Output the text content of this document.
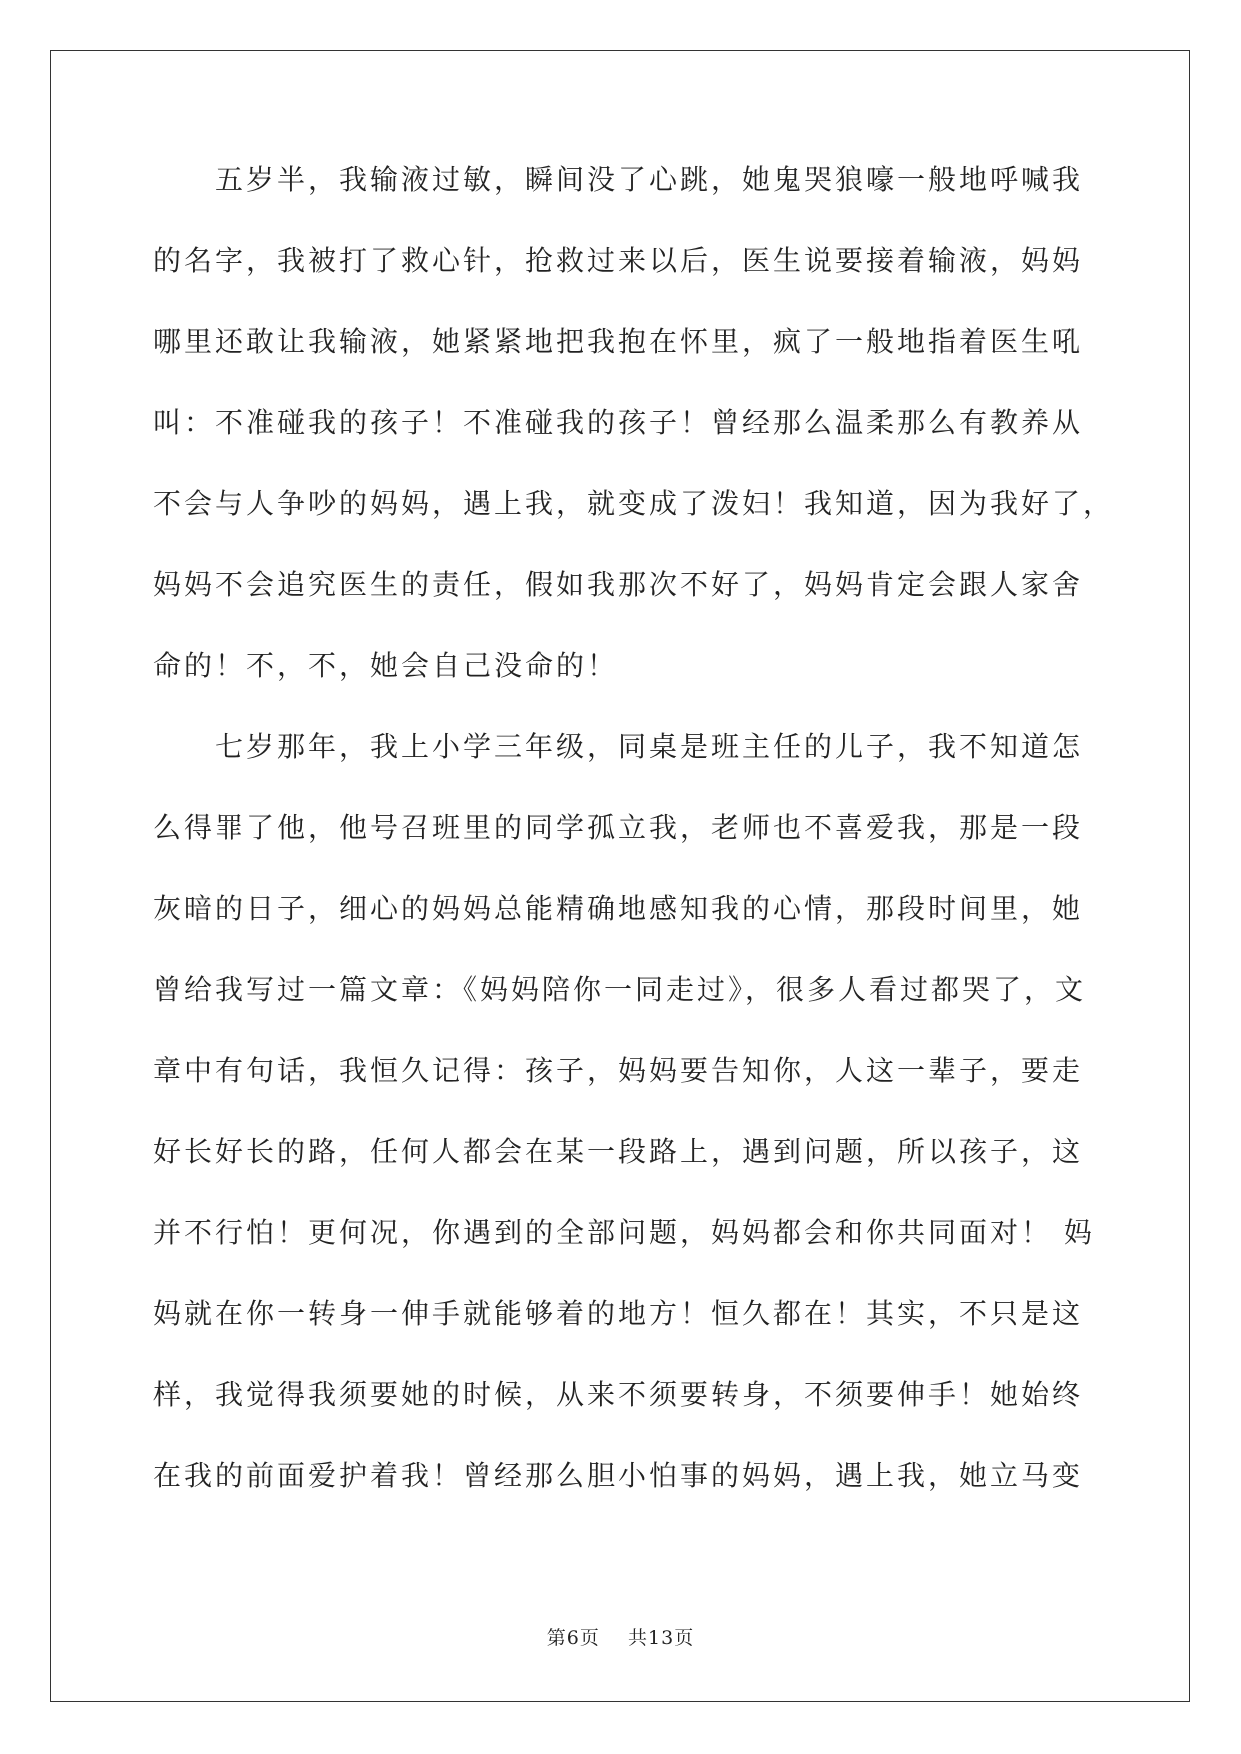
　　五岁半，我输液过敏，瞬间没了心跳，她鬼哭狼嚎一般地呼喊我
的名字，我被打了救心针，抢救过来以后，医生说要接着输液，妈妈
哪里还敢让我输液，她紧紧地把我抱在怀里，疯了一般地指着医生吼
叫：不准碰我的孩子！不准碰我的孩子！曾经那么温柔那么有教养从
不会与人争吵的妈妈，遇上我，就变成了泼妇！我知道，因为我好了，
妈妈不会追究医生的责任，假如我那次不好了，妈妈肯定会跟人家舍
命的！不，不，她会自己没命的！
　　七岁那年，我上小学三年级，同桌是班主任的儿子，我不知道怎
么得罪了他，他号召班里的同学孤立我，老师也不喜爱我，那是一段
灰暗的日子，细心的妈妈总能精确地感知我的心情，那段时间里，她
曾给我写过一篇文章：《妈妈陪你一同走过》，很多人看过都哭了，文
章中有句话，我恒久记得：孩子，妈妈要告知你，人这一辈子，要走
好长好长的路，任何人都会在某一段路上，遇到问题，所以孩子，这
并不行怕！更何况，你遇到的全部问题，妈妈都会和你共同面对！ 妈
妈就在你一转身一伸手就能够着的地方！恒久都在！其实，不只是这
样，我觉得我须要她的时候，从来不须要转身，不须要伸手！她始终
在我的前面爱护着我！曾经那么胆小怕事的妈妈，遇上我，她立马变
第6页 共13页
